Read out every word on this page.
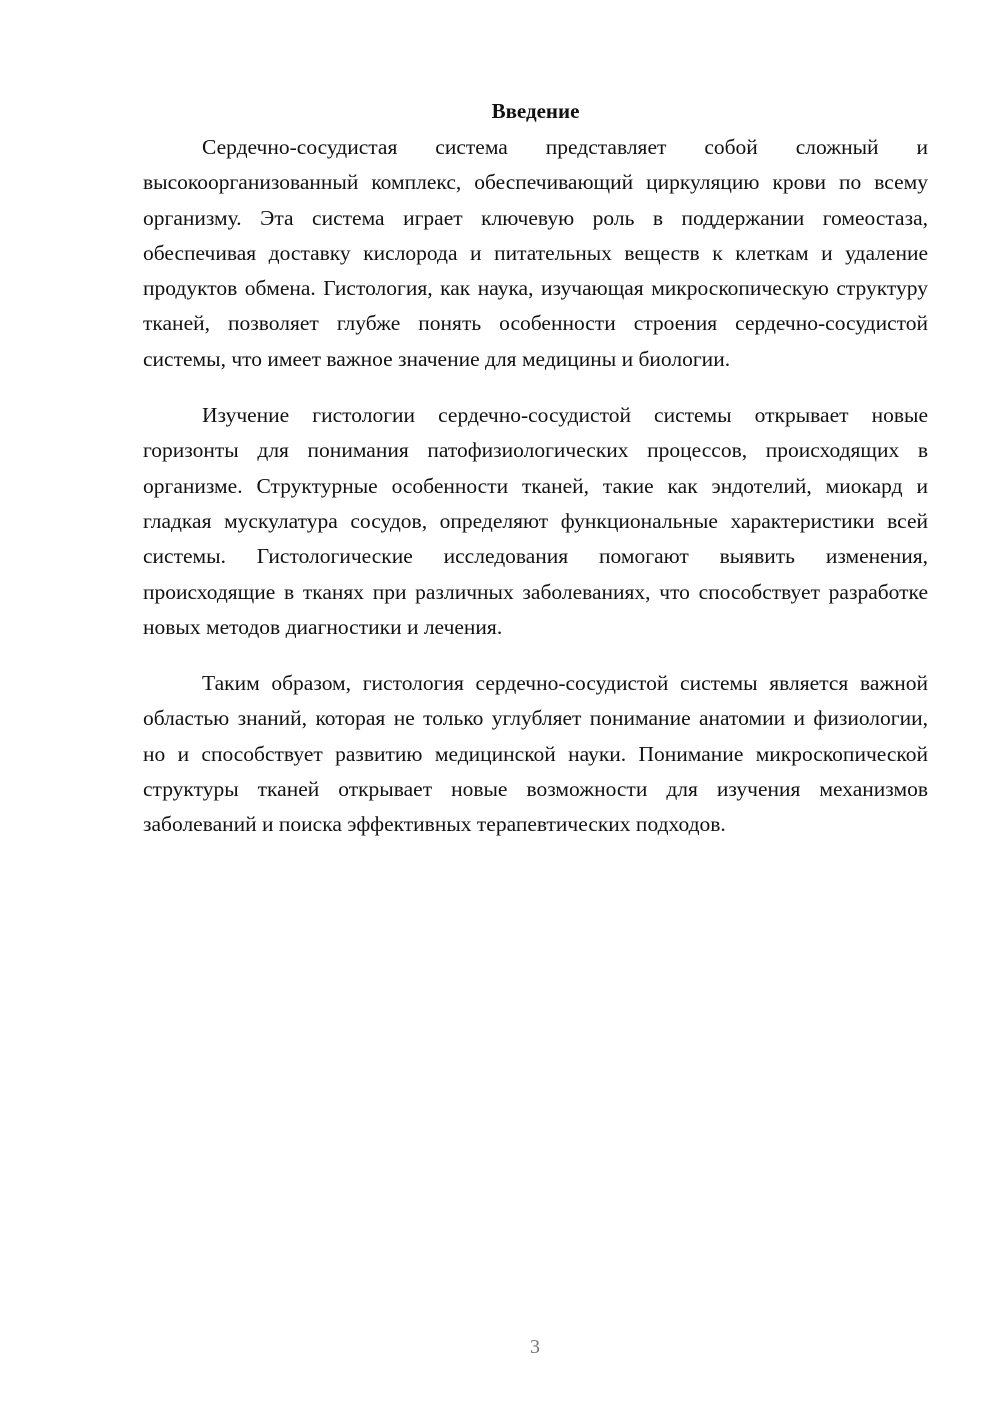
Введение

Сердечно-сосудистая система представляет собой сложный и высокоорганизованный комплекс, обеспечивающий циркуляцию крови по всему организму. Эта система играет ключевую роль в поддержании гомеостаза, обеспечивая доставку кислорода и питательных веществ к клеткам и удаление продуктов обмена. Гистология, как наука, изучающая микроскопическую структуру тканей, позволяет глубже понять особенности строения сердечно-сосудистой системы, что имеет важное значение для медицины и биологии.

Изучение гистологии сердечно-сосудистой системы открывает новые горизонты для понимания патофизиологических процессов, происходящих в организме. Структурные особенности тканей, такие как эндотелий, миокард и гладкая мускулатура сосудов, определяют функциональные характеристики всей системы. Гистологические исследования помогают выявить изменения, происходящие в тканях при различных заболеваниях, что способствует разработке новых методов диагностики и лечения.

Таким образом, гистология сердечно-сосудистой системы является важной областью знаний, которая не только углубляет понимание анатомии и физиологии, но и способствует развитию медицинской науки. Понимание микроскопической структуры тканей открывает новые возможности для изучения механизмов заболеваний и поиска эффективных терапевтических подходов.

3
